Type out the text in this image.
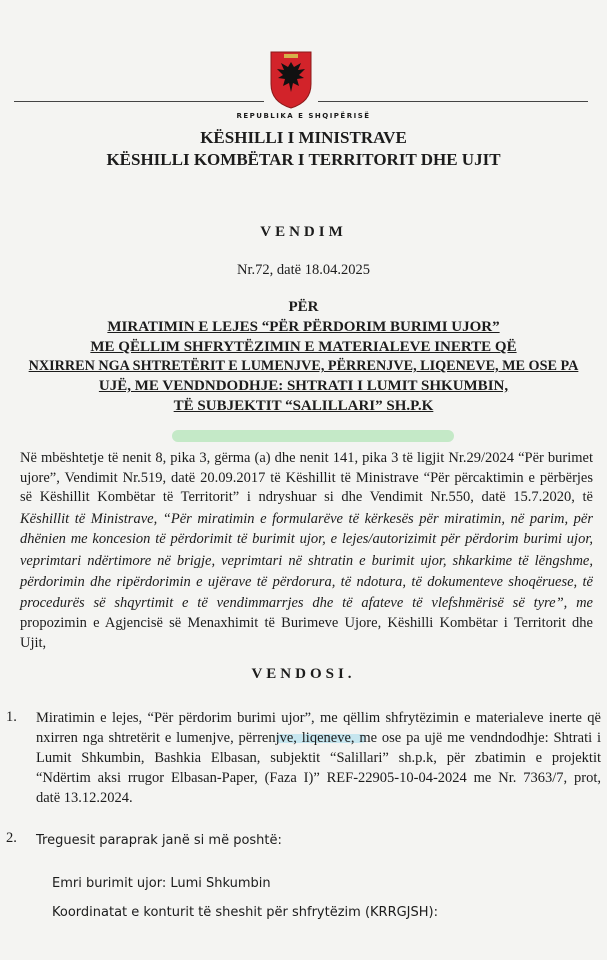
REPUBLIKA E SHQIPËRISË
KËSHILLI I MINISTRAVE
KËSHILLI KOMBËTAR I TERRITORIT DHE UJIT
VENDIM
Nr.72, datë 18.04.2025
PËR
MIRATIMIN E LEJES “PËR PËRDORIM BURIMI UJOR”
ME QËLLIM SHFRYTËZIMIN E MATERIALEVE INERTE QË
NXIRREN NGA SHTRETËRIT E LUMENJVE, PËRRENJVE, LIQENEVE, ME OSE PA
UJË, ME VENDNDODHJE: SHTRATI I LUMIT SHKUMBIN,
TË SUBJEKTIT “SALILLARI” SH.P.K
Në mbështetje të nenit 8, pika 3, gërma (a) dhe nenit 141, pika 3 të ligjit Nr.29/2024 “Për burimet
ujore”, Vendimit Nr.519, datë 20.09.2017 të Këshillit të Ministrave “Për përcaktimin e përbërjes
së Këshillit Kombëtar të Territorit” i ndryshuar si dhe Vendimit Nr.550, datë 15.7.2020, të
Këshillit të Ministrave, “Për miratimin e formularëve të kërkesës për miratimin, në parim, për
dhënien me koncesion të përdorimit të burimit ujor, e lejes/autorizimit për përdorim burimi ujor,
veprimtari ndërtimore në brigje, veprimtari në shtratin e burimit ujor, shkarkime të lëngshme,
përdorimin dhe ripërdorimin e ujërave të përdorura, të ndotura, të dokumenteve shoqëruese, të
procedurës së shqyrtimit e të vendimmarrjes dhe të afateve të vlefshmërisë së tyre”, me
propozimin e Agjencisë së Menaxhimit të Burimeve Ujore, Këshilli Kombëtar i Territorit dhe
Ujit,
VENDOSI.
1. Miratimin e lejes, “Për përdorim burimi ujor”, me qëllim shfrytëzimin e materialeve inerte që
nxirren nga shtretërit e lumenjve, përrenjve, liqeneve, me ose pa ujë me vendndodhje: Shtrati i
Lumit Shkumbin, Bashkia Elbasan, subjektit “Salillari” sh.p.k, për zbatimin e projektit
“Ndërtim aksi rrugor Elbasan-Paper, (Faza I)” REF-22905-10-04-2024 me Nr. 7363/7, prot,
datë 13.12.2024.
2. Treguesit paraprak janë si më poshtë:
Emri burimit ujor: Lumi Shkumbin
Koordinatat e konturit të sheshit për shfrytëzim (KRRGJSH):
